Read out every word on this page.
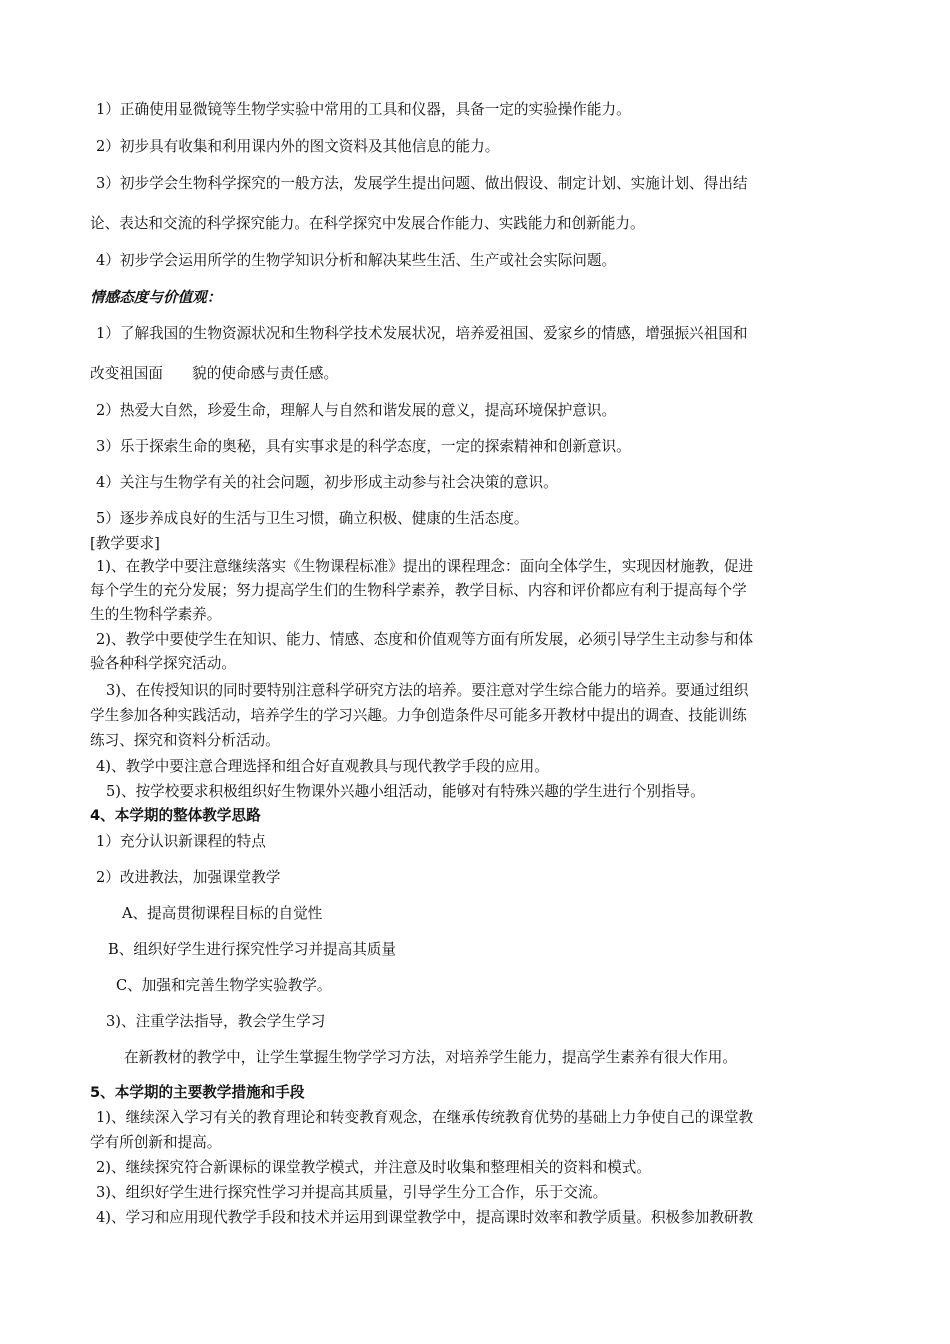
1）正确使用显微镜等生物学实验中常用的工具和仪器，具备一定的实验操作能力。
2）初步具有收集和利用课内外的图文资料及其他信息的能力。
3）初步学会生物科学探究的一般方法，发展学生提出问题、做出假设、制定计划、实施计划、得出结
论、表达和交流的科学探究能力。在科学探究中发展合作能力、实践能力和创新能力。
4）初步学会运用所学的生物学知识分析和解决某些生活、生产或社会实际问题。
情感态度与价值观：
1）了解我国的生物资源状况和生物科学技术发展状况，培养爱祖国、爱家乡的情感，增强振兴祖国和
改变祖国面　　貌的使命感与责任感。
2）热爱大自然，珍爱生命，理解人与自然和谐发展的意义，提高环境保护意识。
3）乐于探索生命的奥秘，具有实事求是的科学态度，一定的探索精神和创新意识。
4）关注与生物学有关的社会问题，初步形成主动参与社会决策的意识。
5）逐步养成良好的生活与卫生习惯，确立积极、健康的生活态度。
[教学要求]
1)、在教学中要注意继续落实《生物课程标准》提出的课程理念：面向全体学生，实现因材施教，促进
每个学生的充分发展；努力提高学生们的生物科学素养，教学目标、内容和评价都应有利于提高每个学
生的生物科学素养。
2)、教学中要使学生在知识、能力、情感、态度和价值观等方面有所发展，必须引导学生主动参与和体
验各种科学探究活动。
3)、在传授知识的同时要特别注意科学研究方法的培养。要注意对学生综合能力的培养。要通过组织
学生参加各种实践活动，培养学生的学习兴趣。力争创造条件尽可能多开教材中提出的调查、技能训练
练习、探究和资料分析活动。
4)、教学中要注意合理选择和组合好直观教具与现代教学手段的应用。
5)、按学校要求积极组织好生物课外兴趣小组活动，能够对有特殊兴趣的学生进行个别指导。
4、本学期的整体教学思路
1）充分认识新课程的特点
2）改进教法，加强课堂教学
A、提高贯彻课程目标的自觉性
B、组织好学生进行探究性学习并提高其质量
C、加强和完善生物学实验教学。
3)、注重学法指导，教会学生学习
在新教材的教学中，让学生掌握生物学学习方法，对培养学生能力，提高学生素养有很大作用。
5、本学期的主要教学措施和手段
1)、继续深入学习有关的教育理论和转变教育观念，在继承传统教育优势的基础上力争使自己的课堂教
学有所创新和提高。
2)、继续探究符合新课标的课堂教学模式，并注意及时收集和整理相关的资料和模式。
3)、组织好学生进行探究性学习并提高其质量，引导学生分工合作，乐于交流。
4)、学习和应用现代教学手段和技术并运用到课堂教学中，提高课时效率和教学质量。积极参加教研教
